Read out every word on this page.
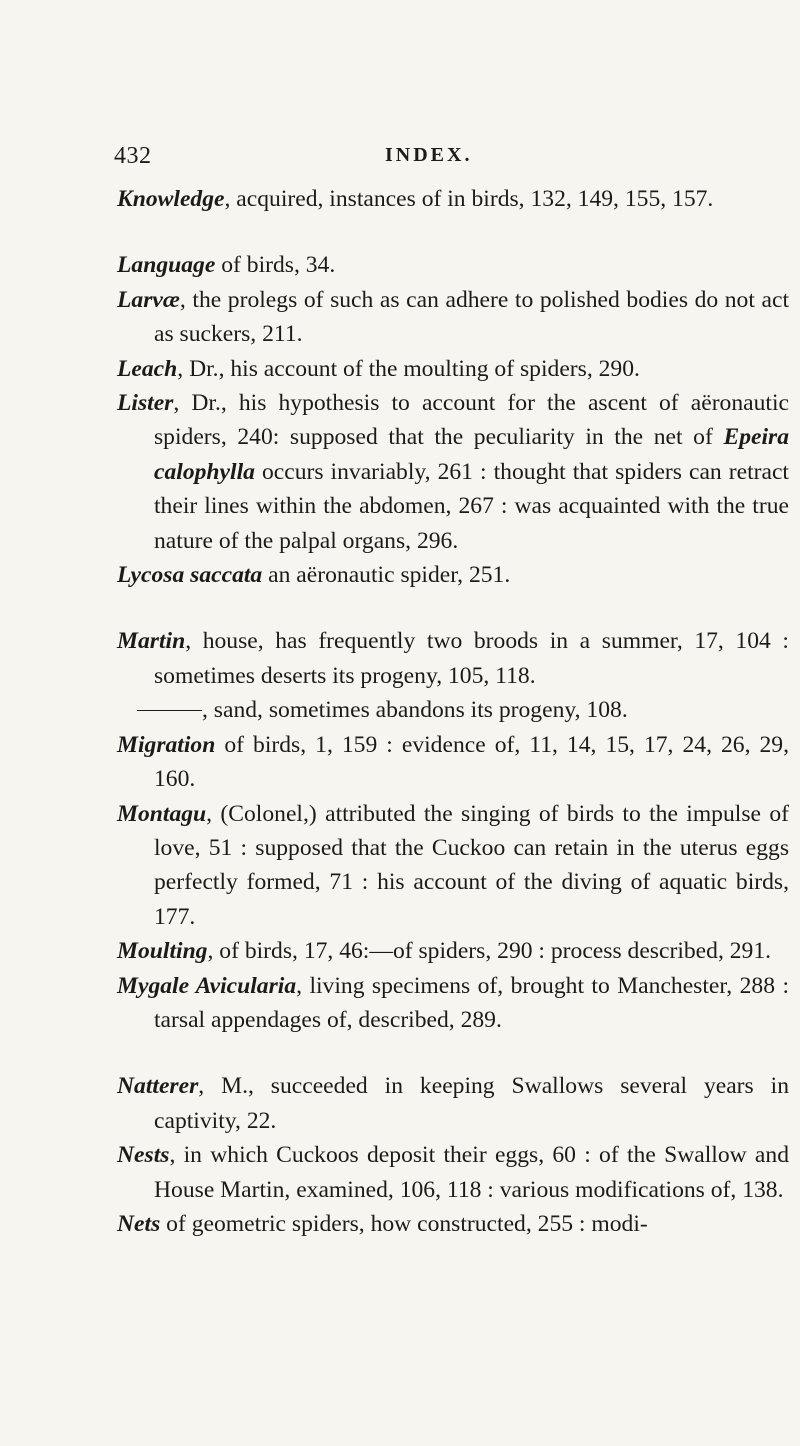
432	INDEX.

Knowledge, acquired, instances of in birds, 132, 149, 155, 157.

Language of birds, 34.

Larvæ, the prolegs of such as can adhere to polished bodies do not act as suckers, 211.

Leach, Dr., his account of the moulting of spiders, 290.

Lister, Dr., his hypothesis to account for the ascent of aëronautic spiders, 240: supposed that the peculiarity in the net of Epeira calophylla occurs invariably, 261 : thought that spiders can retract their lines within the abdomen, 267 : was acquainted with the true nature of the palpal organs, 296.

Lycosa saccata an aëronautic spider, 251.

Martin, house, has frequently two broods in a summer, 17, 104 : sometimes deserts its progeny, 105, 118.

, sand, sometimes abandons its progeny, 108.

Migration of birds, 1, 159 : evidence of, 11, 14, 15, 17, 24, 26, 29, 160.

Montagu, (Colonel,) attributed the singing of birds to the impulse of love, 51 : supposed that the Cuckoo can retain in the uterus eggs perfectly formed, 71 : his account of the diving of aquatic birds, 177.

Moulting, of birds, 17, 46:—of spiders, 290 : process described, 291.

Mygale Avicularia, living specimens of, brought to Manchester, 288 : tarsal appendages of, described, 289.

Natterer, M., succeeded in keeping Swallows several years in captivity, 22.

Nests, in which Cuckoos deposit their eggs, 60 : of the Swallow and House Martin, examined, 106, 118 : various modifications of, 138.

Nets of geometric spiders, how constructed, 255 : modi-
